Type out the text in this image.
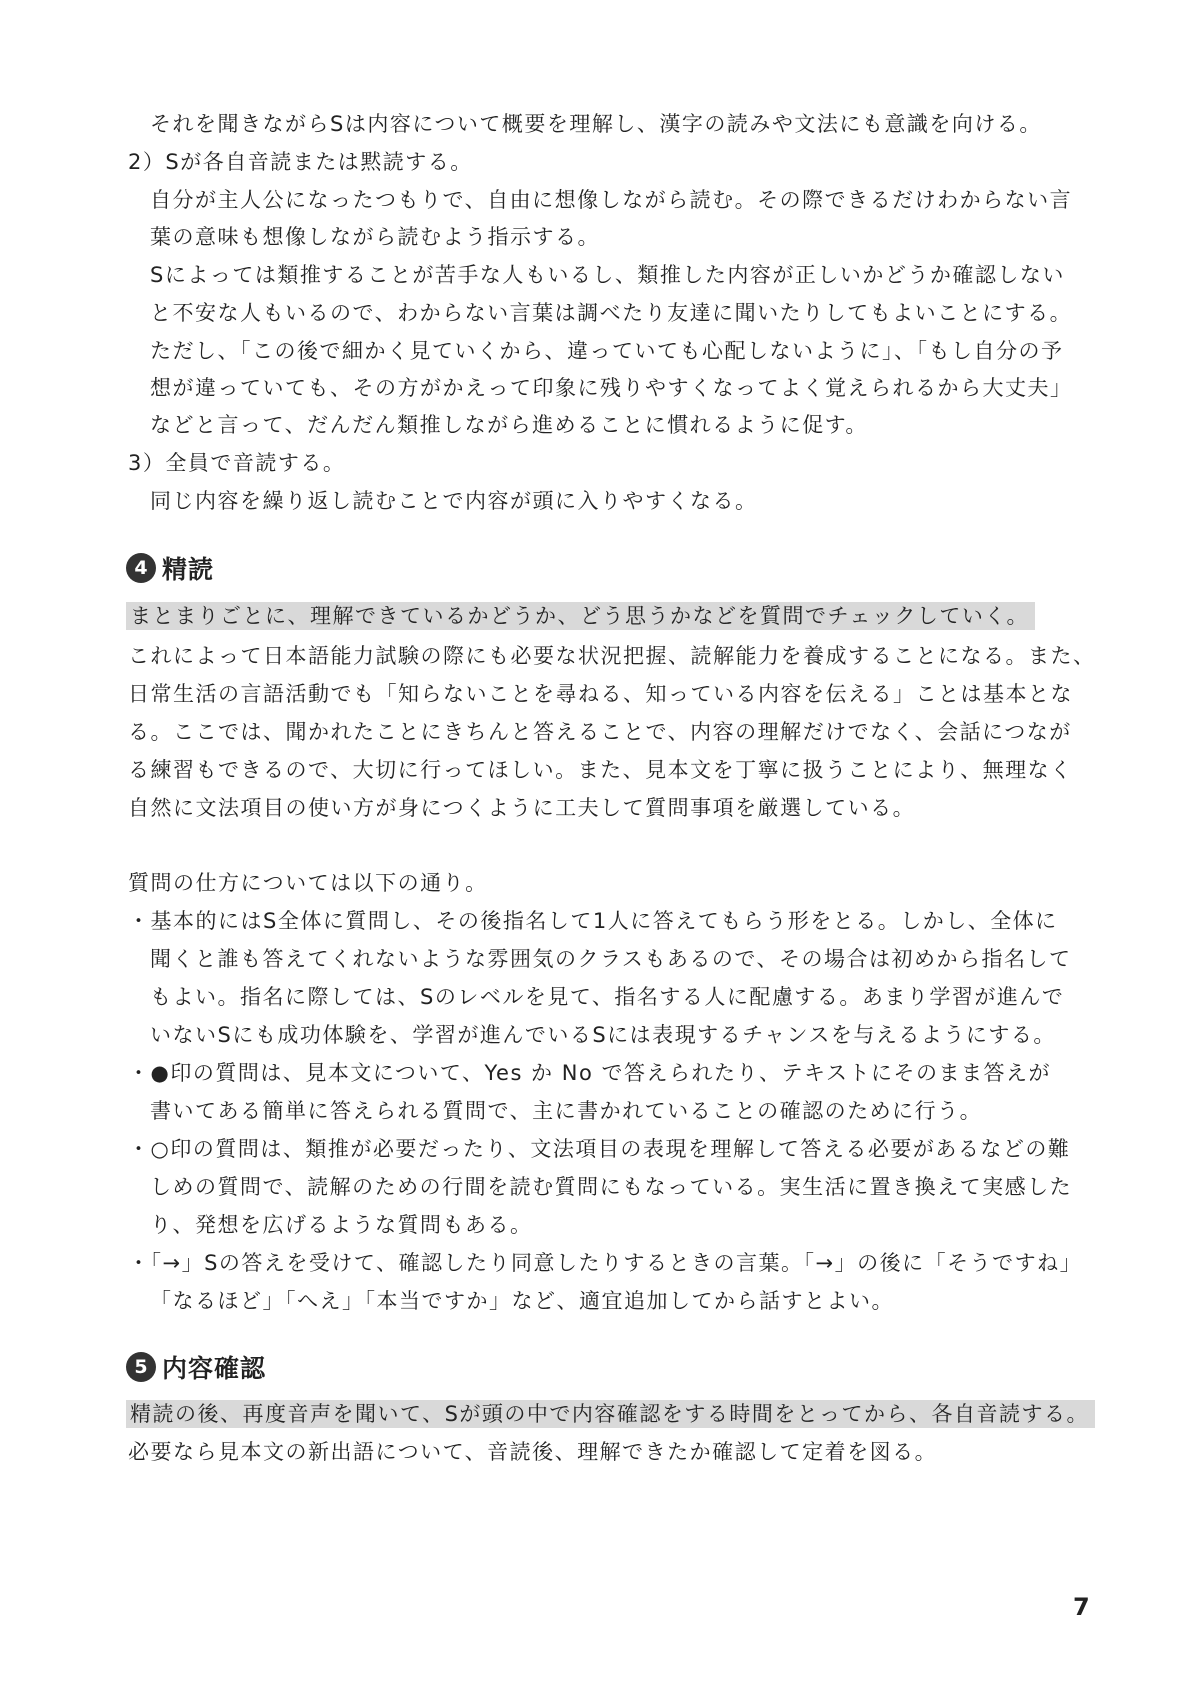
それを聞きながらSは内容について概要を理解し、漢字の読みや文法にも意識を向ける。
2）Sが各自音読または黙読する。
自分が主人公になったつもりで、自由に想像しながら読む。その際できるだけわからない言
葉の意味も想像しながら読むよう指示する。
Sによっては類推することが苦手な人もいるし、類推した内容が正しいかどうか確認しない
と不安な人もいるので、わからない言葉は調べたり友達に聞いたりしてもよいことにする。
ただし、「この後で細かく見ていくから、違っていても心配しないように」、「もし自分の予
想が違っていても、その方がかえって印象に残りやすくなってよく覚えられるから大丈夫」
などと言って、だんだん類推しながら進めることに慣れるように促す。
3）全員で音読する。
同じ内容を繰り返し読むことで内容が頭に入りやすくなる。
4 精読
まとまりごとに、理解できているかどうか、どう思うかなどを質問でチェックしていく。
これによって日本語能力試験の際にも必要な状況把握、読解能力を養成することになる。また、
日常生活の言語活動でも「知らないことを尋ねる、知っている内容を伝える」ことは基本とな
る。ここでは、聞かれたことにきちんと答えることで、内容の理解だけでなく、会話につなが
る練習もできるので、大切に行ってほしい。また、見本文を丁寧に扱うことにより、無理なく
自然に文法項目の使い方が身につくように工夫して質問事項を厳選している。
質問の仕方については以下の通り。
・基本的にはS全体に質問し、その後指名して1人に答えてもらう形をとる。しかし、全体に
聞くと誰も答えてくれないような雰囲気のクラスもあるので、その場合は初めから指名して
もよい。指名に際しては、Sのレベルを見て、指名する人に配慮する。あまり学習が進んで
いないSにも成功体験を、学習が進んでいるSには表現するチャンスを与えるようにする。
・●印の質問は、見本文について、Yes か No で答えられたり、テキストにそのまま答えが
書いてある簡単に答えられる質問で、主に書かれていることの確認のために行う。
・○印の質問は、類推が必要だったり、文法項目の表現を理解して答える必要があるなどの難
しめの質問で、読解のための行間を読む質問にもなっている。実生活に置き換えて実感した
り、発想を広げるような質問もある。
・「→」Sの答えを受けて、確認したり同意したりするときの言葉。「→」の後に「そうですね」
「なるほど」「へえ」「本当ですか」など、適宜追加してから話すとよい。
5 内容確認
精読の後、再度音声を聞いて、Sが頭の中で内容確認をする時間をとってから、各自音読する。
必要なら見本文の新出語について、音読後、理解できたか確認して定着を図る。
7
